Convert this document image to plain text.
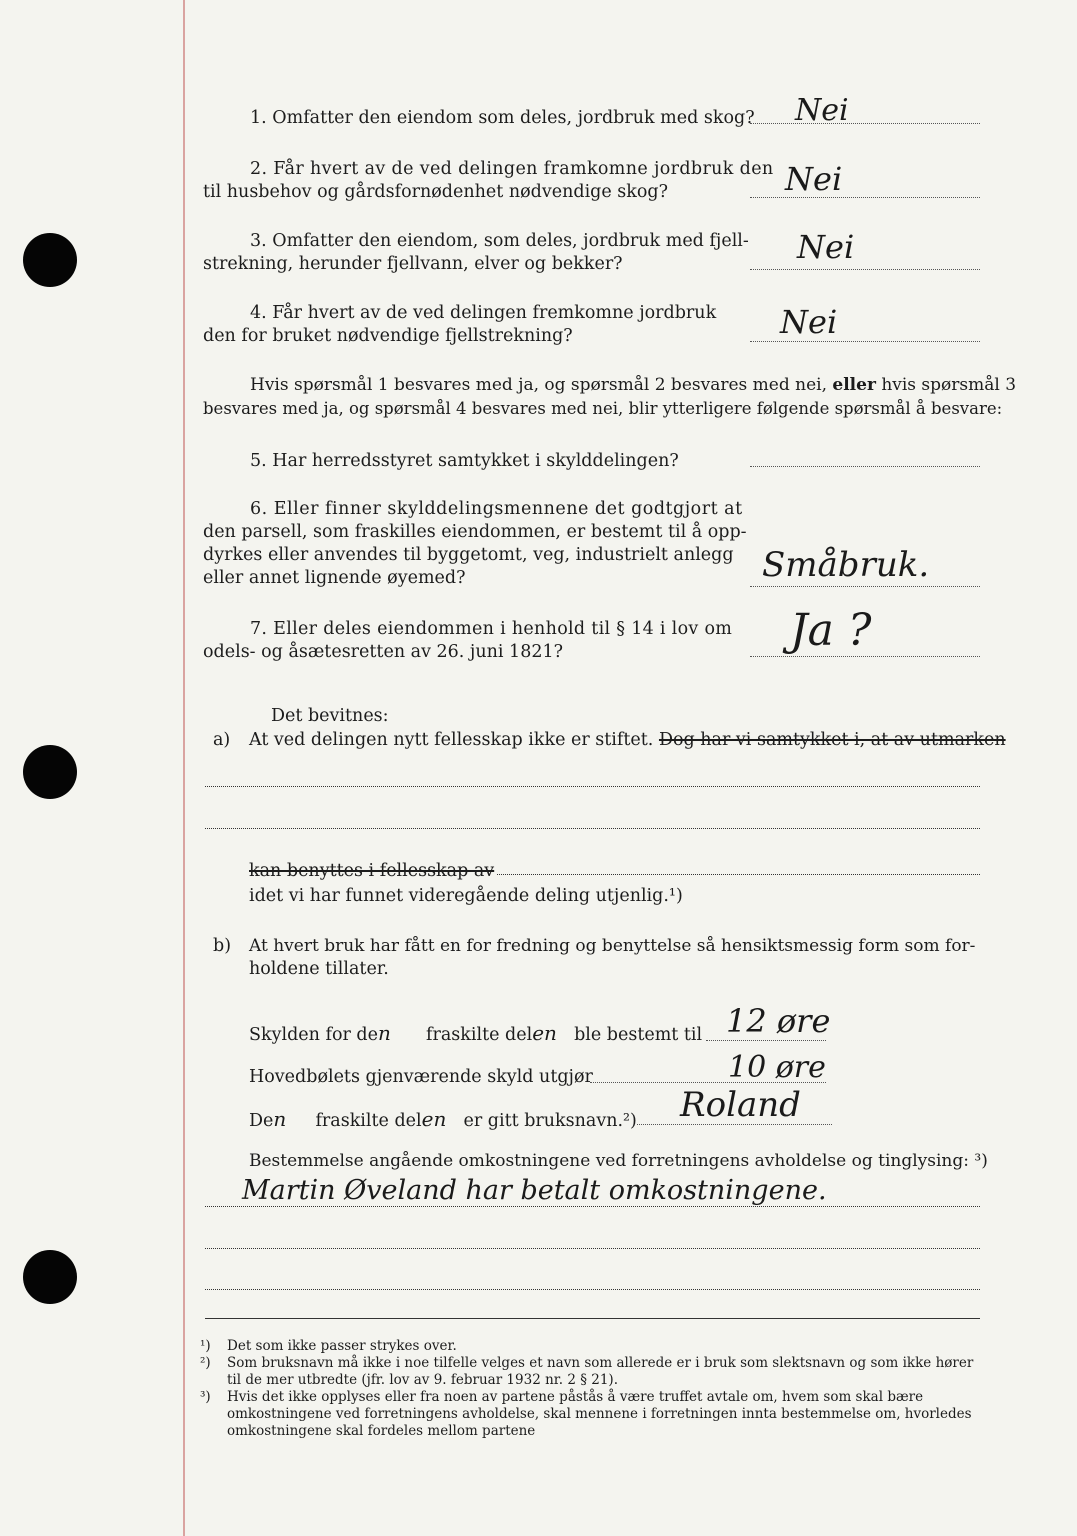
1. Omfatter den eiendom som deles, jordbruk med skog? Nei
2. Får hvert av de ved delingen framkomne jordbruk den
til husbehov og gårdsfornødenhet nødvendige skog?	Nei
3. Omfatter den eiendom, som deles, jordbruk med fjell-
strekning, herunder fjellvann, elver og bekker?	Nei
4. Får hvert av de ved delingen fremkomne jordbruk
den for bruket nødvendige fjellstrekning?	Nei
Hvis spørsmål 1 besvares med ja, og spørsmål 2 besvares med nei, eller hvis spørsmål 3
besvares med ja, og spørsmål 4 besvares med nei, blir ytterligere følgende spørsmål å besvare:
5. Har herredsstyret samtykket i skylddelingen?
6. Eller finner skylddelingsmennene det godtgjort at
den parsell, som fraskilles eiendommen, er bestemt til å opp-
dyrkes eller anvendes til byggetomt, veg, industrielt anlegg
eller annet lignende øyemed?	Småbruk.
7. Eller deles eiendommen i henhold til § 14 i lov om
odels- og åsætesretten av 26. juni 1821?	Ja ?
Det bevitnes:
a) At ved delingen nytt fellesskap ikke er stiftet. Dog har vi samtykket i, at av utmarken
kan benyttes i fellesskap av
idet vi har funnet videregående deling utjenlig.¹)
b) At hvert bruk har fått en for fredning og benyttelse så hensiktsmessig form som for-
holdene tillater.
Skylden for den fraskilte delen ble bestemt til 12 øre
Hovedbølets gjenværende skyld utgjør	10 øre
Den fraskilte delen er gitt bruksnavn.²) Roland
Bestemmelse angående omkostningene ved forretningens avholdelse og tinglysing: ³)
Martin Øveland har betalt omkostningene.
¹) Det som ikke passer strykes over.
²) Som bruksnavn må ikke i noe tilfelle velges et navn som allerede er i bruk som slektsnavn og som ikke hører til de mer utbredte (jfr. lov av 9. februar 1932 nr. 2 § 21).
³) Hvis det ikke opplyses eller fra noen av partene påstås å være truffet avtale om, hvem som skal bære omkostningene ved forretningens avholdelse, skal mennene i forretningen innta bestemmelse om, hvorledes omkostningene skal fordeles mellom partene
